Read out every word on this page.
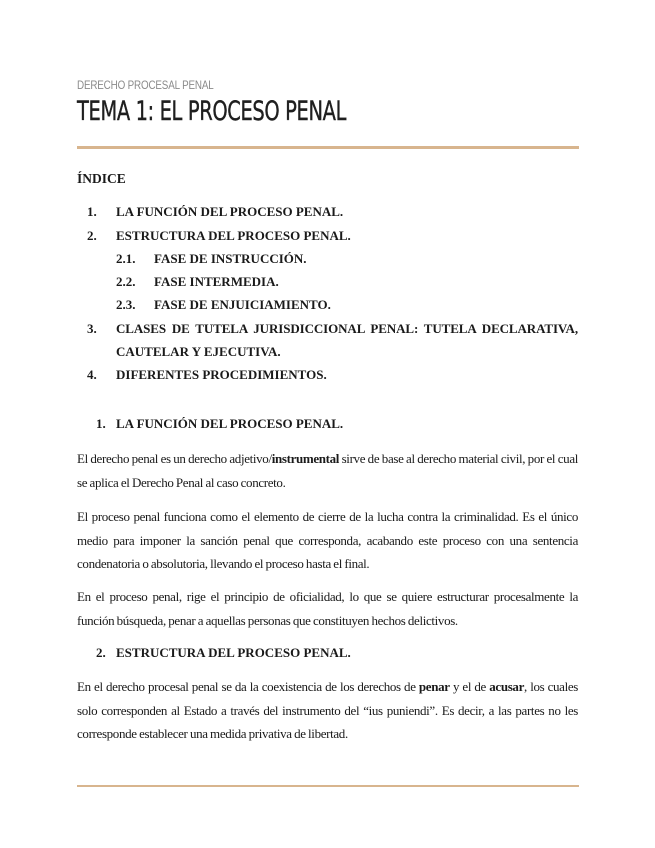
DERECHO PROCESAL PENAL
TEMA 1: EL PROCESO PENAL
ÍNDICE
1. LA FUNCIÓN DEL PROCESO PENAL.
2. ESTRUCTURA DEL PROCESO PENAL.
2.1. FASE DE INSTRUCCIÓN.
2.2. FASE INTERMEDIA.
2.3. FASE DE ENJUICIAMIENTO.
3. CLASES DE TUTELA JURISDICCIONAL PENAL: TUTELA DECLARATIVA,
CAUTELAR Y EJECUTIVA.
4. DIFERENTES PROCEDIMIENTOS.
1. LA FUNCIÓN DEL PROCESO PENAL.
El derecho penal es un derecho adjetivo/instrumental sirve de base al derecho material civil, por el cual se aplica el Derecho Penal al caso concreto.
El proceso penal funciona como el elemento de cierre de la lucha contra la criminalidad. Es el único medio para imponer la sanción penal que corresponda, acabando este proceso con una sentencia condenatoria o absolutoria, llevando el proceso hasta el final.
En el proceso penal, rige el principio de oficialidad, lo que se quiere estructurar procesalmente la función búsqueda, penar a aquellas personas que constituyen hechos delictivos.
2. ESTRUCTURA DEL PROCESO PENAL.
En el derecho procesal penal se da la coexistencia de los derechos de penar y el de acusar, los cuales solo corresponden al Estado a través del instrumento del “ius puniendi”. Es decir, a las partes no les corresponde establecer una medida privativa de libertad.
